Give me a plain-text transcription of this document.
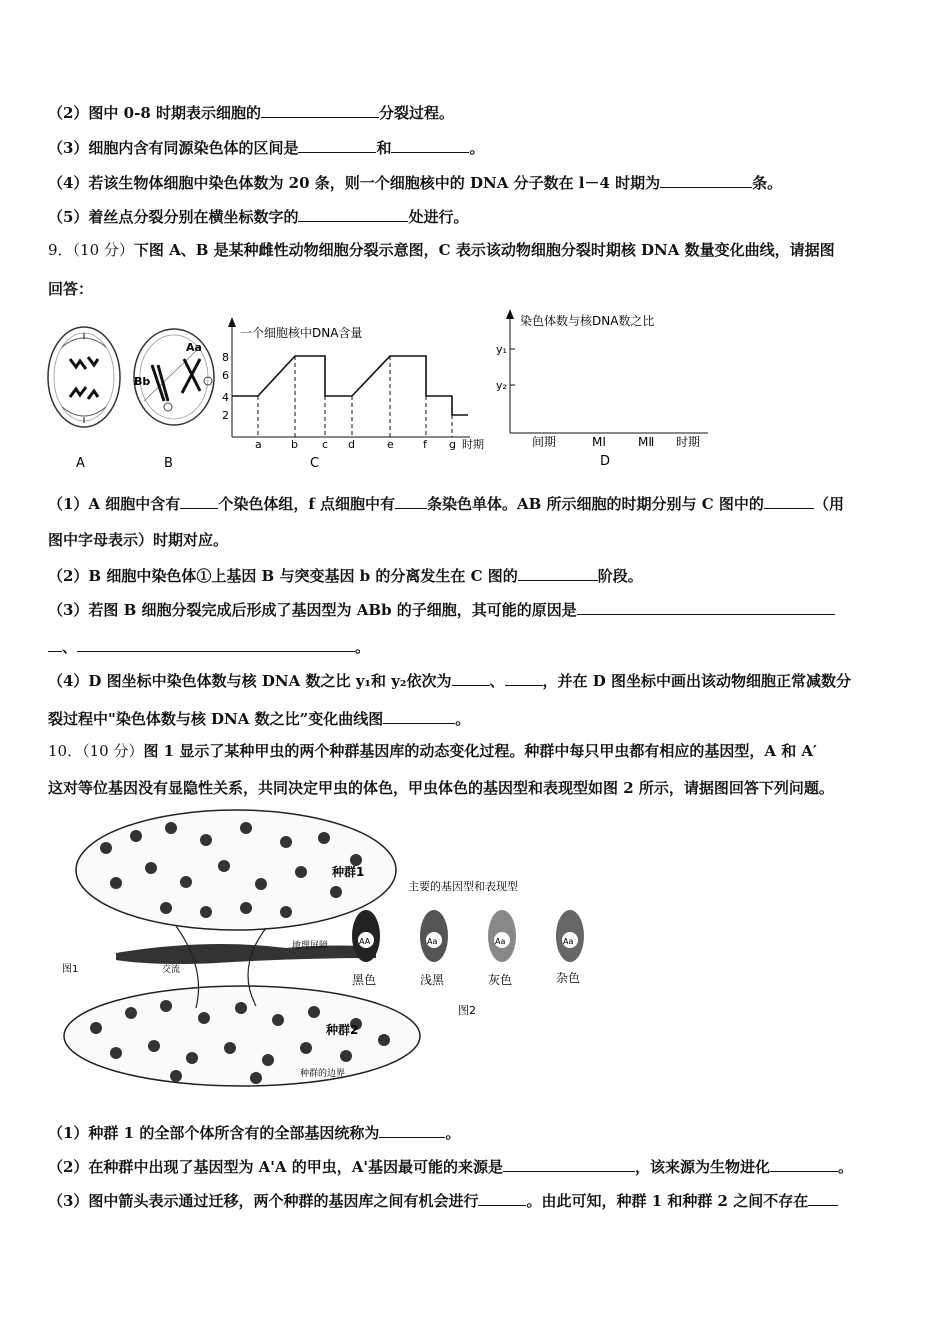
（2）图中 0-8 时期表示细胞的	分裂过程。
（3）细胞内含有同源染色体的区间是	和	。
（4）若该生物体细胞中染色体数为 20 条，则一个细胞核中的 DNA 分子数在 l－4 时期为	条。
（5）着丝点分裂分别在横坐标数字的	处进行。
9．（10 分）下图 A、B 是某种雌性动物细胞分裂示意图，C 表示该动物细胞分裂时期核 DNA 数量变化曲线，请据图
回答：
A
Bb
Aa
B
一个细胞核中DNA含量
8
6
4
2
a	b c d	e	f g 时期
C
染色体数与核DNA数之比
y₁
y₂
间期	MⅠ	MⅡ 时期
D
（1）A 细胞中含有	个染色体组，f 点细胞中有 条染色单体。AB 所示细胞的时期分别与 C 图中的	（用
图中字母表示）时期对应。
（2）B 细胞中染色体①上基因 B 与突变基因 b 的分离发生在 C 图的	阶段。
（3）若图 B 细胞分裂完成后形成了基因型为 ABb 的子细胞，其可能的原因是
、	。
（4）D 图坐标中染色体数与核 DNA 数之比 y₁和 y₂依次为	、	，并在 D 图坐标中画出该动物细胞正常减数分
裂过程中"染色体数与核 DNA 数之比”变化曲线图	。
10．（10 分）图 1 显示了某种甲虫的两个种群基因库的动态变化过程。种群中每只甲虫都有相应的基因型，A 和 A′
这对等位基因没有显隐性关系，共同决定甲虫的体色，甲虫体色的基因型和表现型如图 2 所示，请据图回答下列问题。
地理屏障
交流
种群1
种群2
种群的边界
图1
主要的基因型和表现型
AA	Aa	Aa	Aa
黑色	浅黑	灰色	杂色
图2
（1）种群 1 的全部个体所含有的全部基因统称为	。
（2）在种群中出现了基因型为 A'A 的甲虫，A'基因最可能的来源是	，该来源为生物进化	。
（3）图中箭头表示通过迁移，两个种群的基因库之间有机会进行	。由此可知，种群 1 和种群 2 之间不存在
